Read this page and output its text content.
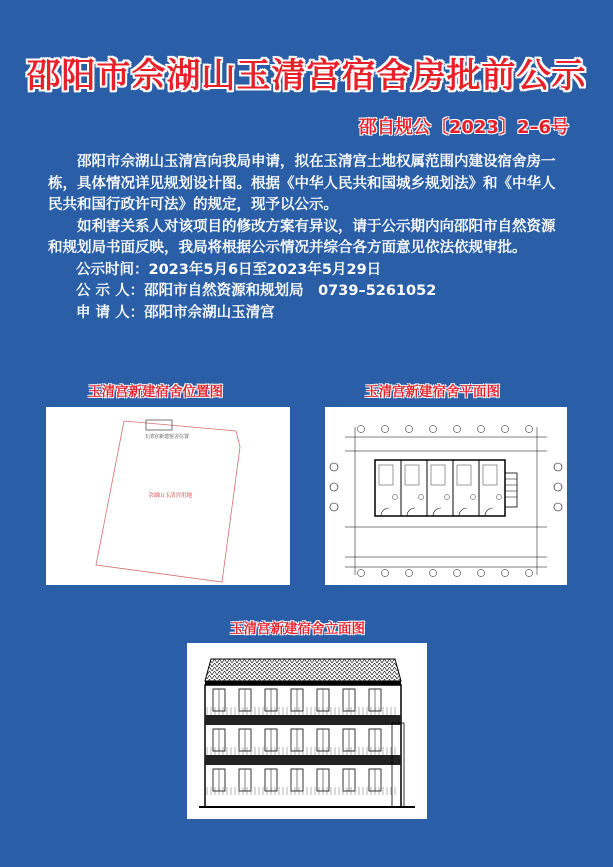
邵阳市佘湖山玉清宫宿舍房批前公示
邵自规公〔2023〕2–6号

邵阳市佘湖山玉清宫向我局申请，拟在玉清宫土地权属范围内建设宿舍房一栋，具体情况详见规划设计图。根据《中华人民共和国城乡规划法》和《中华人民共和国行政许可法》的规定，现予以公示。

如利害关系人对该项目的修改方案有异议，请于公示期内向邵阳市自然资源和规划局书面反映，我局将根据公示情况并综合各方面意见依法依规审批。

公示时间：2023年5月6日至2023年5月29日
公 示 人：邵阳市自然资源和规划局　0739–5261052
申 请 人：邵阳市佘湖山玉清宫
玉清宫新建宿舍位置图
玉清宫新建宿舍位置
佘湖山玉清宫用地
玉清宫新建宿舍平面图
玉清宫新建宿舍立面图
